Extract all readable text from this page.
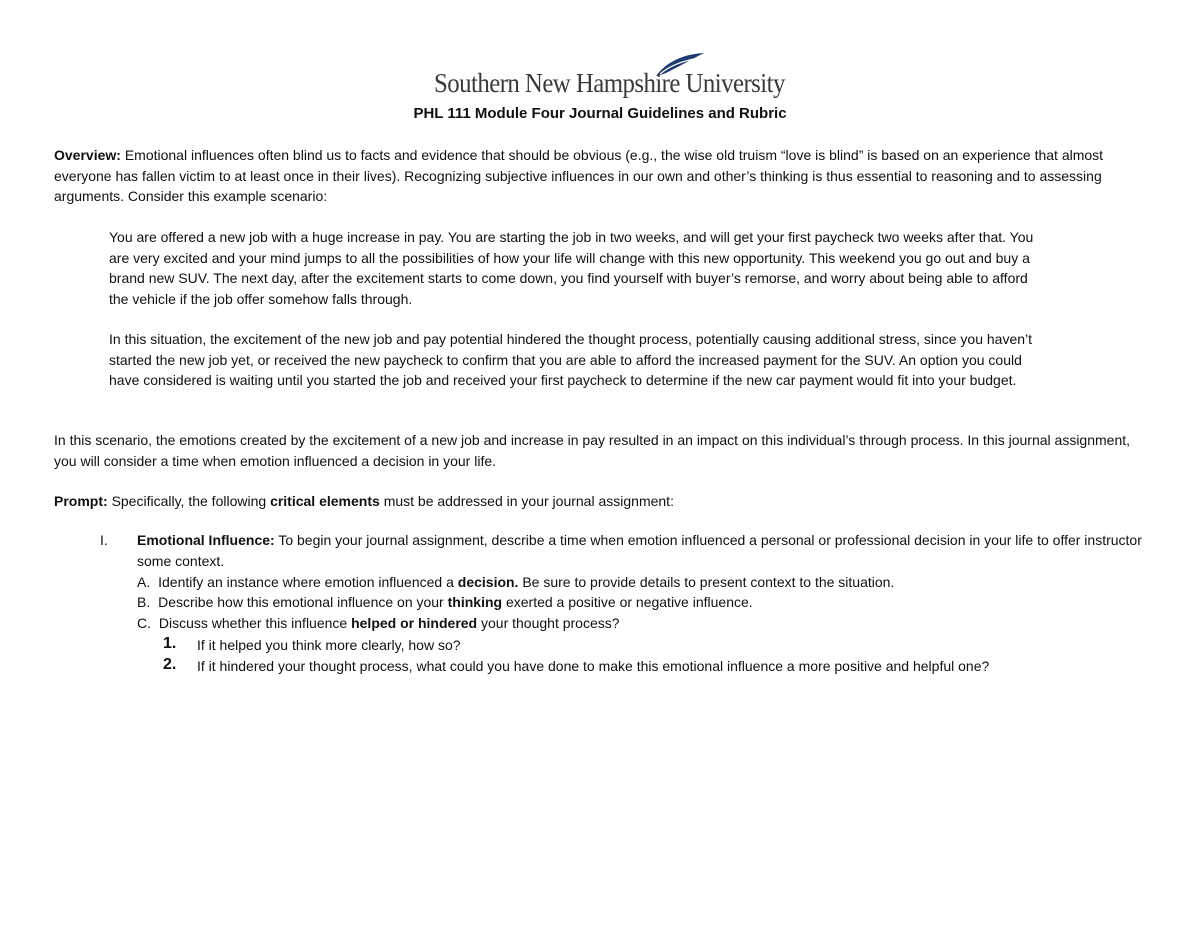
Southern New Hampshire University
PHL 111 Module Four Journal Guidelines and Rubric
Overview: Emotional influences often blind us to facts and evidence that should be obvious (e.g., the wise old truism “love is blind” is based on an experience that almost everyone has fallen victim to at least once in their lives). Recognizing subjective influences in our own and other’s thinking is thus essential to reasoning and to assessing arguments. Consider this example scenario:
You are offered a new job with a huge increase in pay. You are starting the job in two weeks, and will get your first paycheck two weeks after that. You are very excited and your mind jumps to all the possibilities of how your life will change with this new opportunity. This weekend you go out and buy a brand new SUV. The next day, after the excitement starts to come down, you find yourself with buyer’s remorse, and worry about being able to afford the vehicle if the job offer somehow falls through.
In this situation, the excitement of the new job and pay potential hindered the thought process, potentially causing additional stress, since you haven’t started the new job yet, or received the new paycheck to confirm that you are able to afford the increased payment for the SUV. An option you could have considered is waiting until you started the job and received your first paycheck to determine if the new car payment would fit into your budget.
In this scenario, the emotions created by the excitement of a new job and increase in pay resulted in an impact on this individual’s through process. In this journal assignment, you will consider a time when emotion influenced a decision in your life.
Prompt: Specifically, the following critical elements must be addressed in your journal assignment:
I. Emotional Influence: To begin your journal assignment, describe a time when emotion influenced a personal or professional decision in your life to offer instructor some context.
A. Identify an instance where emotion influenced a decision. Be sure to provide details to present context to the situation.
B. Describe how this emotional influence on your thinking exerted a positive or negative influence.
C. Discuss whether this influence helped or hindered your thought process?
1. If it helped you think more clearly, how so?
2. If it hindered your thought process, what could you have done to make this emotional influence a more positive and helpful one?
